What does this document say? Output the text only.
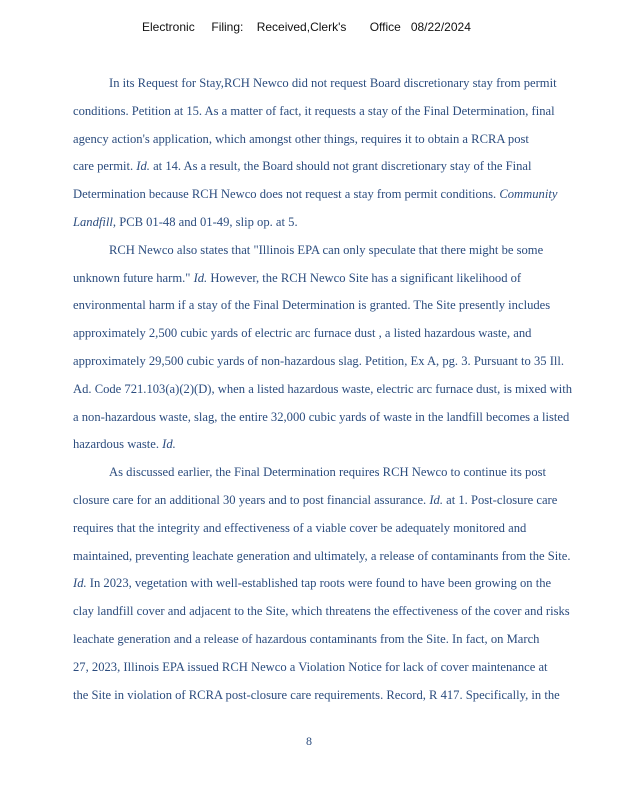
Electronic     Filing:    Received,Clerk's       Office   08/22/2024

In its Request for Stay,RCH Newco did not request Board discretionary stay from permit
conditions. Petition at 15. As a matter of fact, it requests a stay of the Final Determination, final
agency action's application, which amongst other things, requires it to obtain a RCRA post
care permit. Id. at 14. As a result, the Board should not grant discretionary stay of the Final
Determination because RCH Newco does not request a stay from permit conditions. Community
Landfill, PCB 01-48 and 01-49, slip op. at 5.

RCH Newco also states that "Illinois EPA can only speculate that there might be some
unknown future harm." Id. However, the RCH Newco Site has a significant likelihood of
environmental harm if a stay of the Final Determination is granted. The Site presently includes
approximately 2,500 cubic yards of electric arc furnace dust , a listed hazardous waste, and
approximately 29,500 cubic yards of non-hazardous slag. Petition, Ex A, pg. 3. Pursuant to 35 Ill.
Ad. Code 721.103(a)(2)(D), when a listed hazardous waste, electric arc furnace dust, is mixed with
a non-hazardous waste, slag, the entire 32,000 cubic yards of waste in the landfill becomes a listed
hazardous waste. Id.

As discussed earlier, the Final Determination requires RCH Newco to continue its post
closure care for an additional 30 years and to post financial assurance. Id. at 1. Post-closure care
requires that the integrity and effectiveness of a viable cover be adequately monitored and
maintained, preventing leachate generation and ultimately, a release of contaminants from the Site.
Id. In 2023, vegetation with well-established tap roots were found to have been growing on the
clay landfill cover and adjacent to the Site, which threatens the effectiveness of the cover and risks
leachate generation and a release of hazardous contaminants from the Site. In fact, on March
27, 2023, Illinois EPA issued RCH Newco a Violation Notice for lack of cover maintenance at
the Site in violation of RCRA post-closure care requirements. Record, R 417. Specifically, in the

8
